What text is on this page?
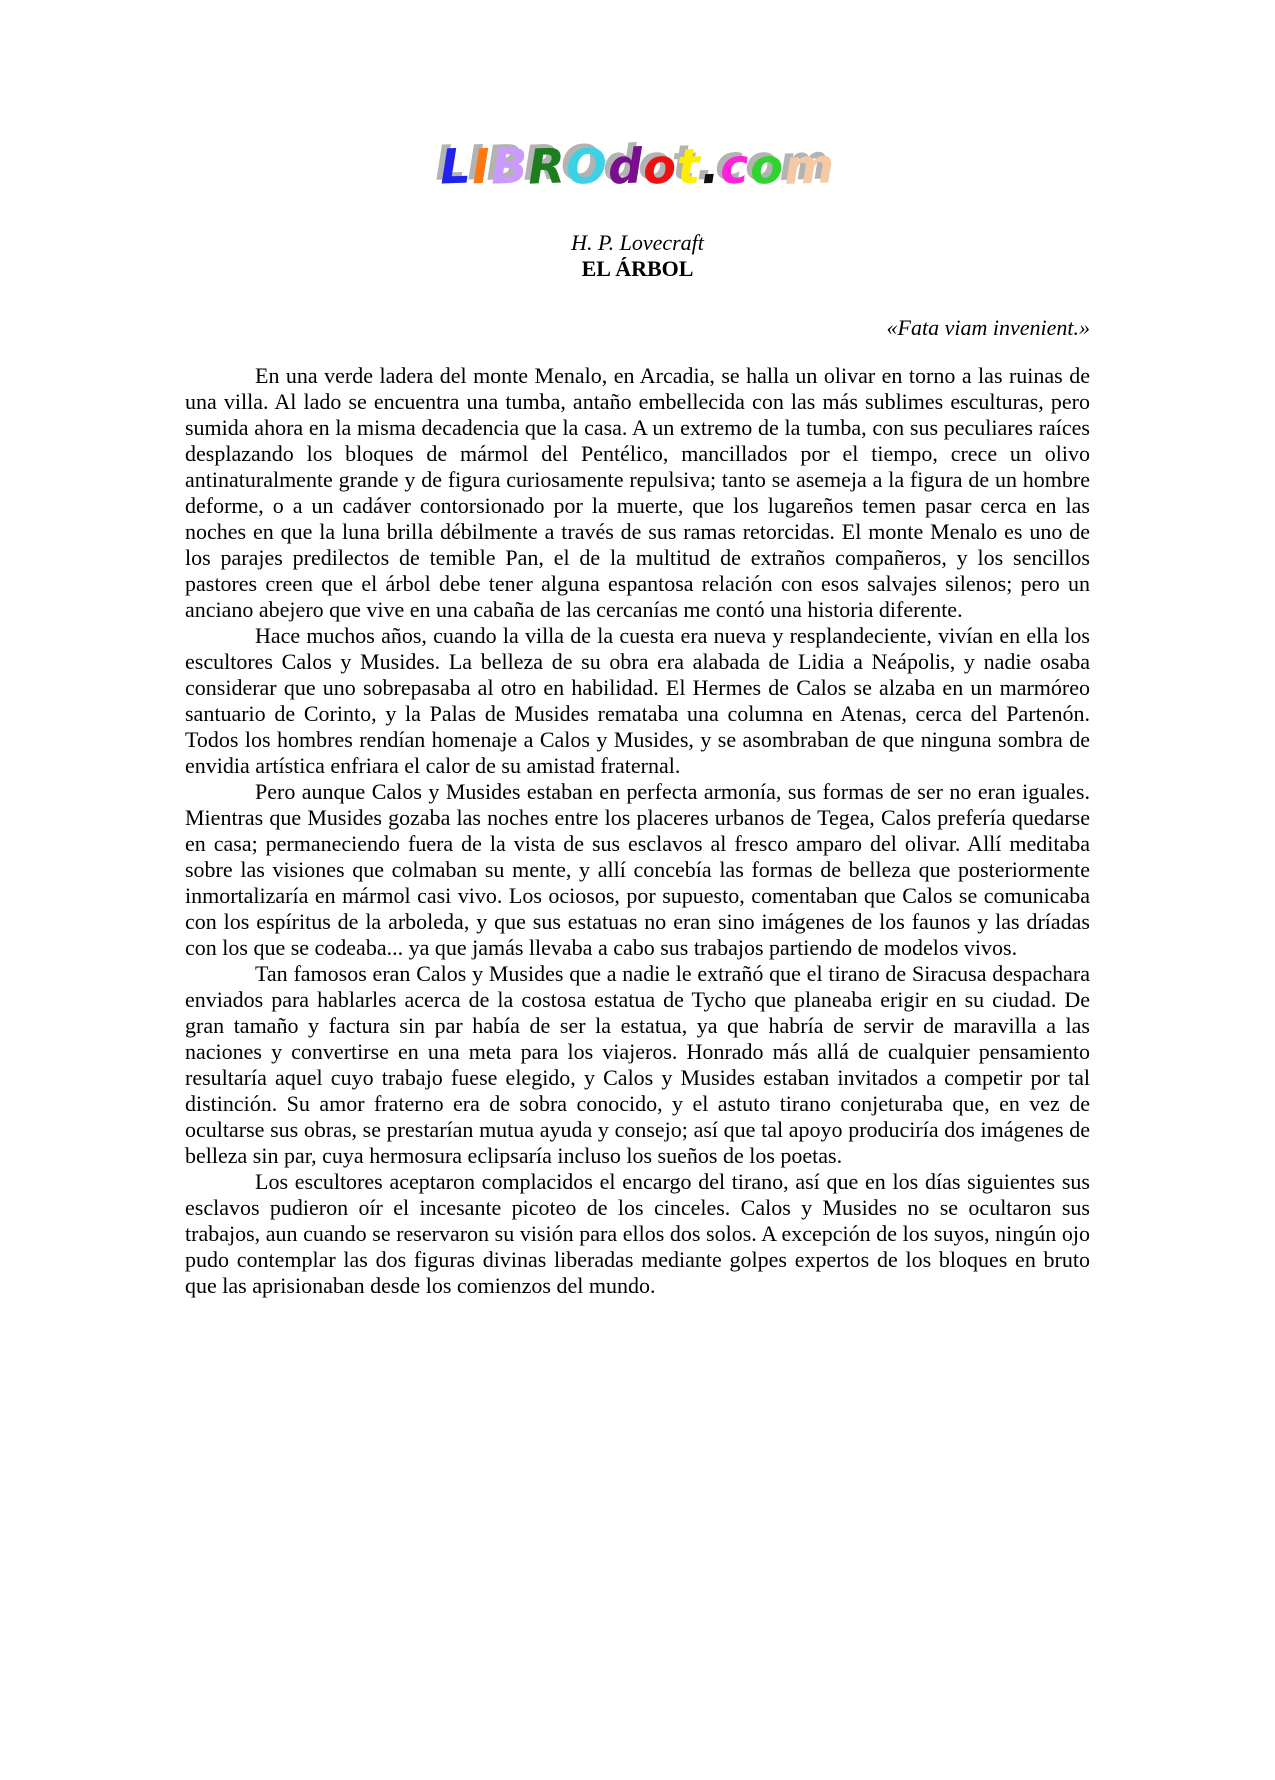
LIBROdot.com
H. P. Lovecraft
EL ÁRBOL
«Fata viam invenient.»

En una verde ladera del monte Menalo, en Arcadia, se halla un olivar en torno a las ruinas de una villa. Al lado se encuentra una tumba, antaño embellecida con las más sublimes esculturas, pero sumida ahora en la misma decadencia que la casa. A un extremo de la tumba, con sus peculiares raíces desplazando los bloques de mármol del Pentélico, mancillados por el tiempo, crece un olivo antinaturalmente grande y de figura curiosamente repulsiva; tanto se asemeja a la figura de un hombre deforme, o a un cadáver contorsionado por la muerte, que los lugareños temen pasar cerca en las noches en que la luna brilla débilmente a través de sus ramas retorcidas. El monte Menalo es uno de los parajes predilectos de temible Pan, el de la multitud de extraños compañeros, y los sencillos pastores creen que el árbol debe tener alguna espantosa relación con esos salvajes silenos; pero un anciano abejero que vive en una cabaña de las cercanías me contó una historia diferente.

Hace muchos años, cuando la villa de la cuesta era nueva y resplandeciente, vivían en ella los escultores Calos y Musides. La belleza de su obra era alabada de Lidia a Neápolis, y nadie osaba considerar que uno sobrepasaba al otro en habilidad. El Hermes de Calos se alzaba en un marmóreo santuario de Corinto, y la Palas de Musides remataba una columna en Atenas, cerca del Partenón. Todos los hombres rendían homenaje a Calos y Musides, y se asombraban de que ninguna sombra de envidia artística enfriara el calor de su amistad fraternal.

Pero aunque Calos y Musides estaban en perfecta armonía, sus formas de ser no eran iguales. Mientras que Musides gozaba las noches entre los placeres urbanos de Tegea, Calos prefería quedarse en casa; permaneciendo fuera de la vista de sus esclavos al fresco amparo del olivar. Allí meditaba sobre las visiones que colmaban su mente, y allí concebía las formas de belleza que posteriormente inmortalizaría en mármol casi vivo. Los ociosos, por supuesto, comentaban que Calos se comunicaba con los espíritus de la arboleda, y que sus estatuas no eran sino imágenes de los faunos y las dríadas con los que se codeaba... ya que jamás llevaba a cabo sus trabajos partiendo de modelos vivos.

Tan famosos eran Calos y Musides que a nadie le extrañó que el tirano de Siracusa despachara enviados para hablarles acerca de la costosa estatua de Tycho que planeaba erigir en su ciudad. De gran tamaño y factura sin par había de ser la estatua, ya que habría de servir de maravilla a las naciones y convertirse en una meta para los viajeros. Honrado más allá de cualquier pensamiento resultaría aquel cuyo trabajo fuese elegido, y Calos y Musides estaban invitados a competir por tal distinción. Su amor fraterno era de sobra conocido, y el astuto tirano conjeturaba que, en vez de ocultarse sus obras, se prestarían mutua ayuda y consejo; así que tal apoyo produciría dos imágenes de belleza sin par, cuya hermosura eclipsaría incluso los sueños de los poetas.

Los escultores aceptaron complacidos el encargo del tirano, así que en los días siguientes sus esclavos pudieron oír el incesante picoteo de los cinceles. Calos y Musides no se ocultaron sus trabajos, aun cuando se reservaron su visión para ellos dos solos. A excepción de los suyos, ningún ojo pudo contemplar las dos figuras divinas liberadas mediante golpes expertos de los bloques en bruto que las aprisionaban desde los comienzos del mundo.
